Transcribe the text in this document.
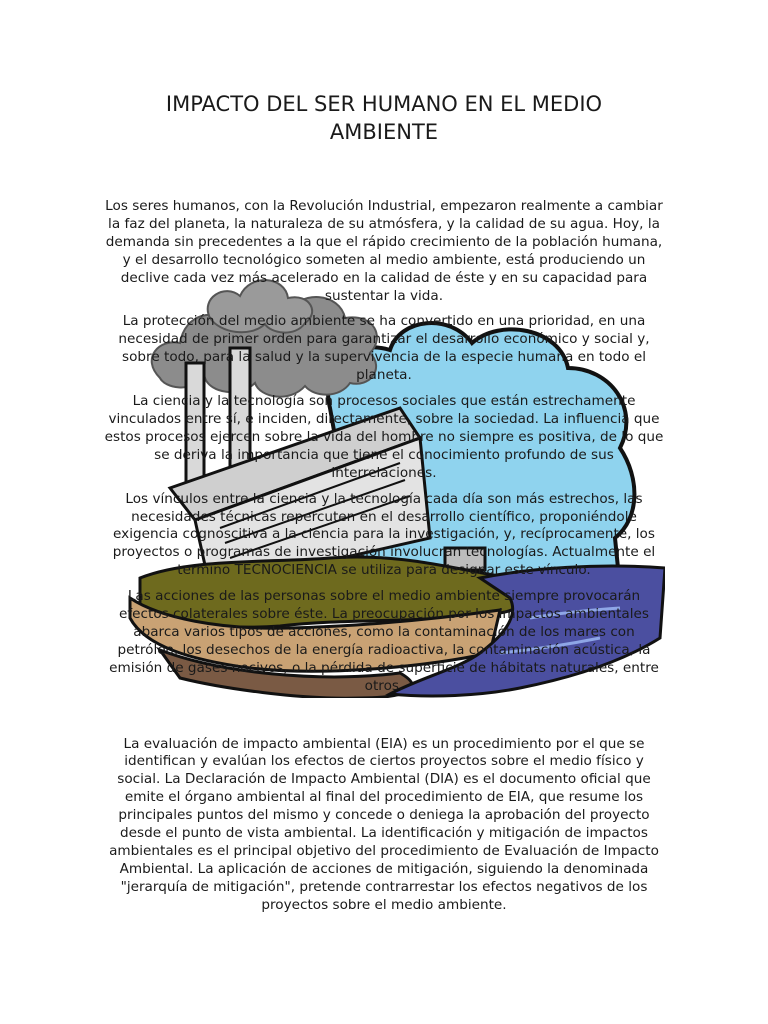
IMPACTO DEL SER HUMANO EN EL MEDIO AMBIENTE

Los seres humanos, con la Revolución Industrial, empezaron realmente a cambiar la faz del planeta, la naturaleza de su atmósfera, y la calidad de su agua. Hoy, la demanda sin precedentes a la que el rápido crecimiento de la población humana, y el desarrollo tecnológico someten al medio ambiente, está produciendo un declive cada vez más acelerado en la calidad de éste y en su capacidad para sustentar la vida.

La protección del medio ambiente se ha convertido en una prioridad, en una necesidad de primer orden para garantizar el desarrollo económico y social y, sobre todo, para la salud y la supervivencia de la especie humana en todo el planeta.

La ciencia y la tecnología son procesos sociales que están estrechamente vinculados entre sí, e inciden, directamente, sobre la sociedad. La influencia que estos procesos ejercen sobre la vida del hombre no siempre es positiva, de lo que se deriva la importancia que tiene el conocimiento profundo de sus interrelaciones.

Los vínculos entre la ciencia y la tecnología cada día son más estrechos, las necesidades técnicas repercuten en el desarrollo científico, proponiéndole exigencia cognoscitiva a la ciencia para la investigación, y, recíprocamente, los proyectos o programas de investigación involucran tecnologías. Actualmente el termino TECNOCIENCIA se utiliza para designar este vínculo.

Las acciones de las personas sobre el medio ambiente siempre provocarán efectos colaterales sobre éste. La preocupación por los impactos ambientales abarca varios tipos de acciones, como la contaminación de los mares con petróleo, los desechos de la energía radioactiva, la contaminación acústica, la emisión de gases nocivos, o la pérdida de superficie de hábitats naturales, entre otros.

La evaluación de impacto ambiental (EIA) es un procedimiento por el que se identifican y evalúan los efectos de ciertos proyectos sobre el medio físico y social. La Declaración de Impacto Ambiental (DIA) es el documento oficial que emite el órgano ambiental al final del procedimiento de EIA, que resume los principales puntos del mismo y concede o deniega la aprobación del proyecto desde el punto de vista ambiental. La identificación y mitigación de impactos ambientales es el principal objetivo del procedimiento de Evaluación de Impacto Ambiental. La aplicación de acciones de mitigación, siguiendo la denominada "jerarquía de mitigación", pretende contrarrestar los efectos negativos de los proyectos sobre el medio ambiente.
